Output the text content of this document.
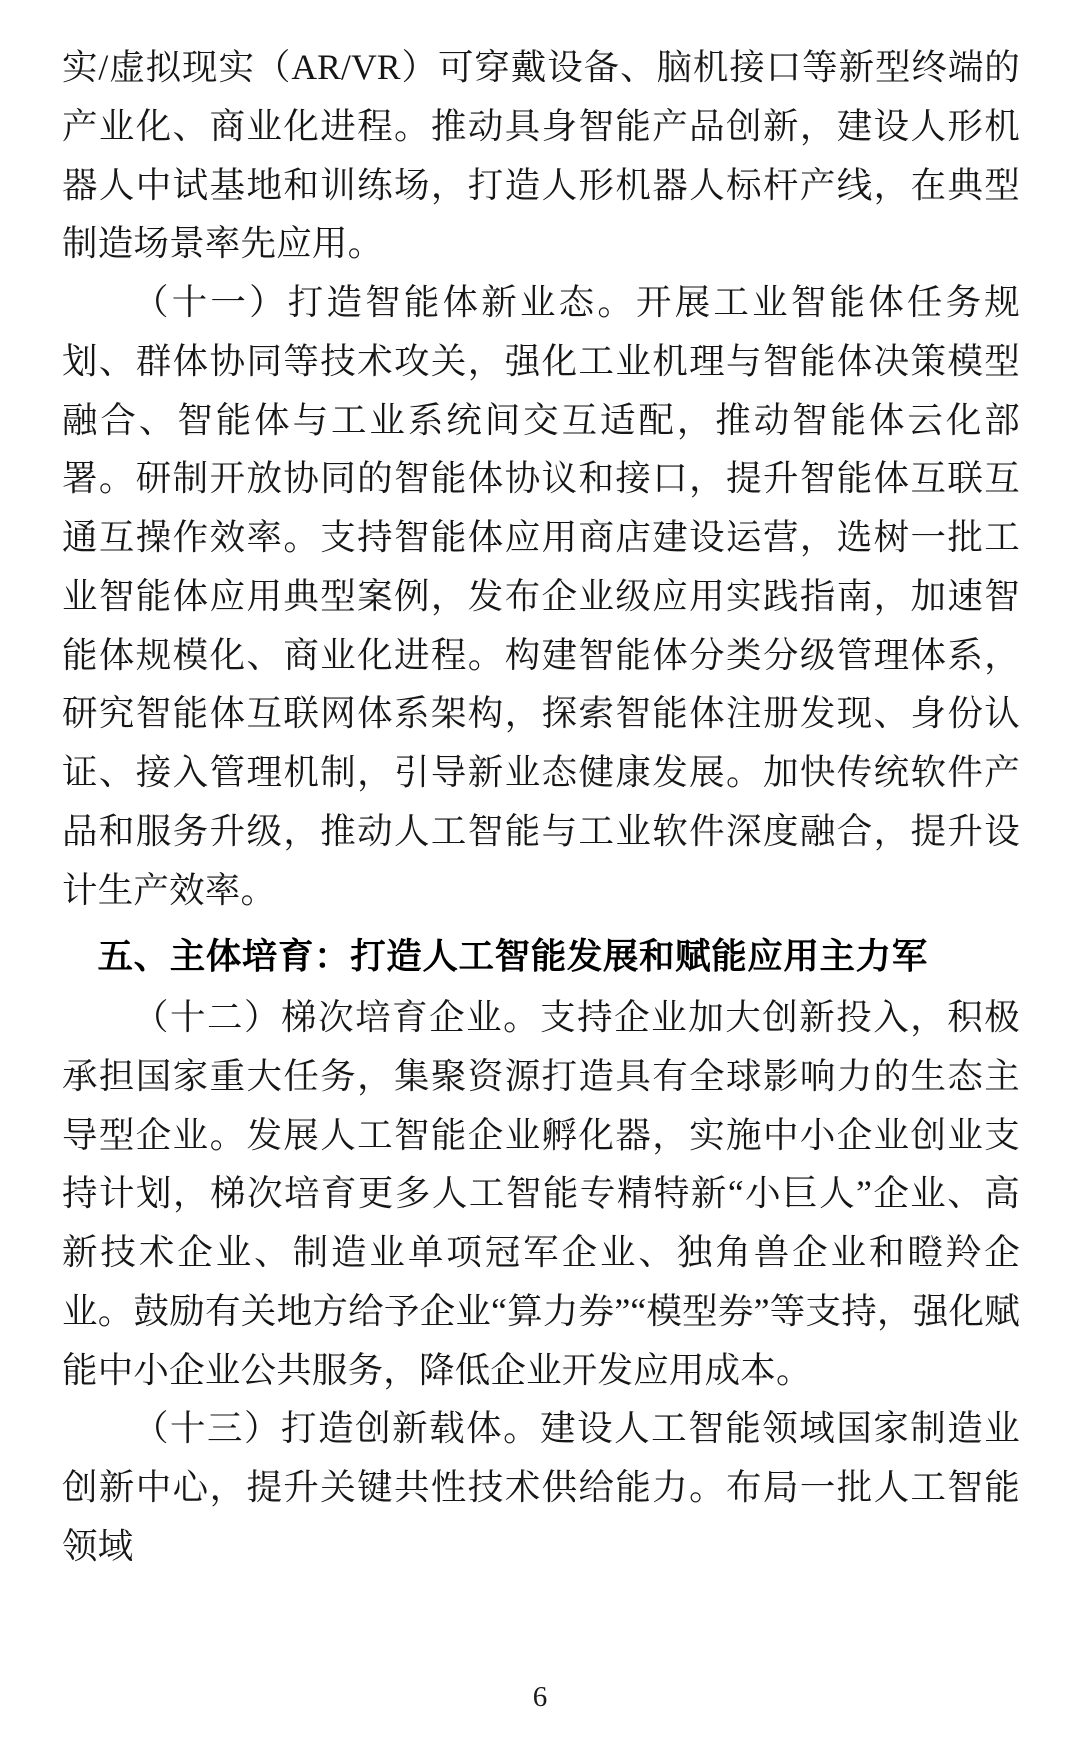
实/虚拟现实（AR/VR）可穿戴设备、脑机接口等新型终端的产业化、商业化进程。推动具身智能产品创新，建设人形机器人中试基地和训练场，打造人形机器人标杆产线，在典型制造场景率先应用。

（十一）打造智能体新业态。开展工业智能体任务规划、群体协同等技术攻关，强化工业机理与智能体决策模型融合、智能体与工业系统间交互适配，推动智能体云化部署。研制开放协同的智能体协议和接口，提升智能体互联互通互操作效率。支持智能体应用商店建设运营，选树一批工业智能体应用典型案例，发布企业级应用实践指南，加速智能体规模化、商业化进程。构建智能体分类分级管理体系，研究智能体互联网体系架构，探索智能体注册发现、身份认证、接入管理机制，引导新业态健康发展。加快传统软件产品和服务升级，推动人工智能与工业软件深度融合，提升设计生产效率。

五、主体培育：打造人工智能发展和赋能应用主力军

（十二）梯次培育企业。支持企业加大创新投入，积极承担国家重大任务，集聚资源打造具有全球影响力的生态主导型企业。发展人工智能企业孵化器，实施中小企业创业支持计划，梯次培育更多人工智能专精特新“小巨人”企业、高新技术企业、制造业单项冠军企业、独角兽企业和瞪羚企业。鼓励有关地方给予企业“算力券”“模型券”等支持，强化赋能中小企业公共服务，降低企业开发应用成本。

（十三）打造创新载体。建设人工智能领域国家制造业创新中心，提升关键共性技术供给能力。布局一批人工智能领域

6
